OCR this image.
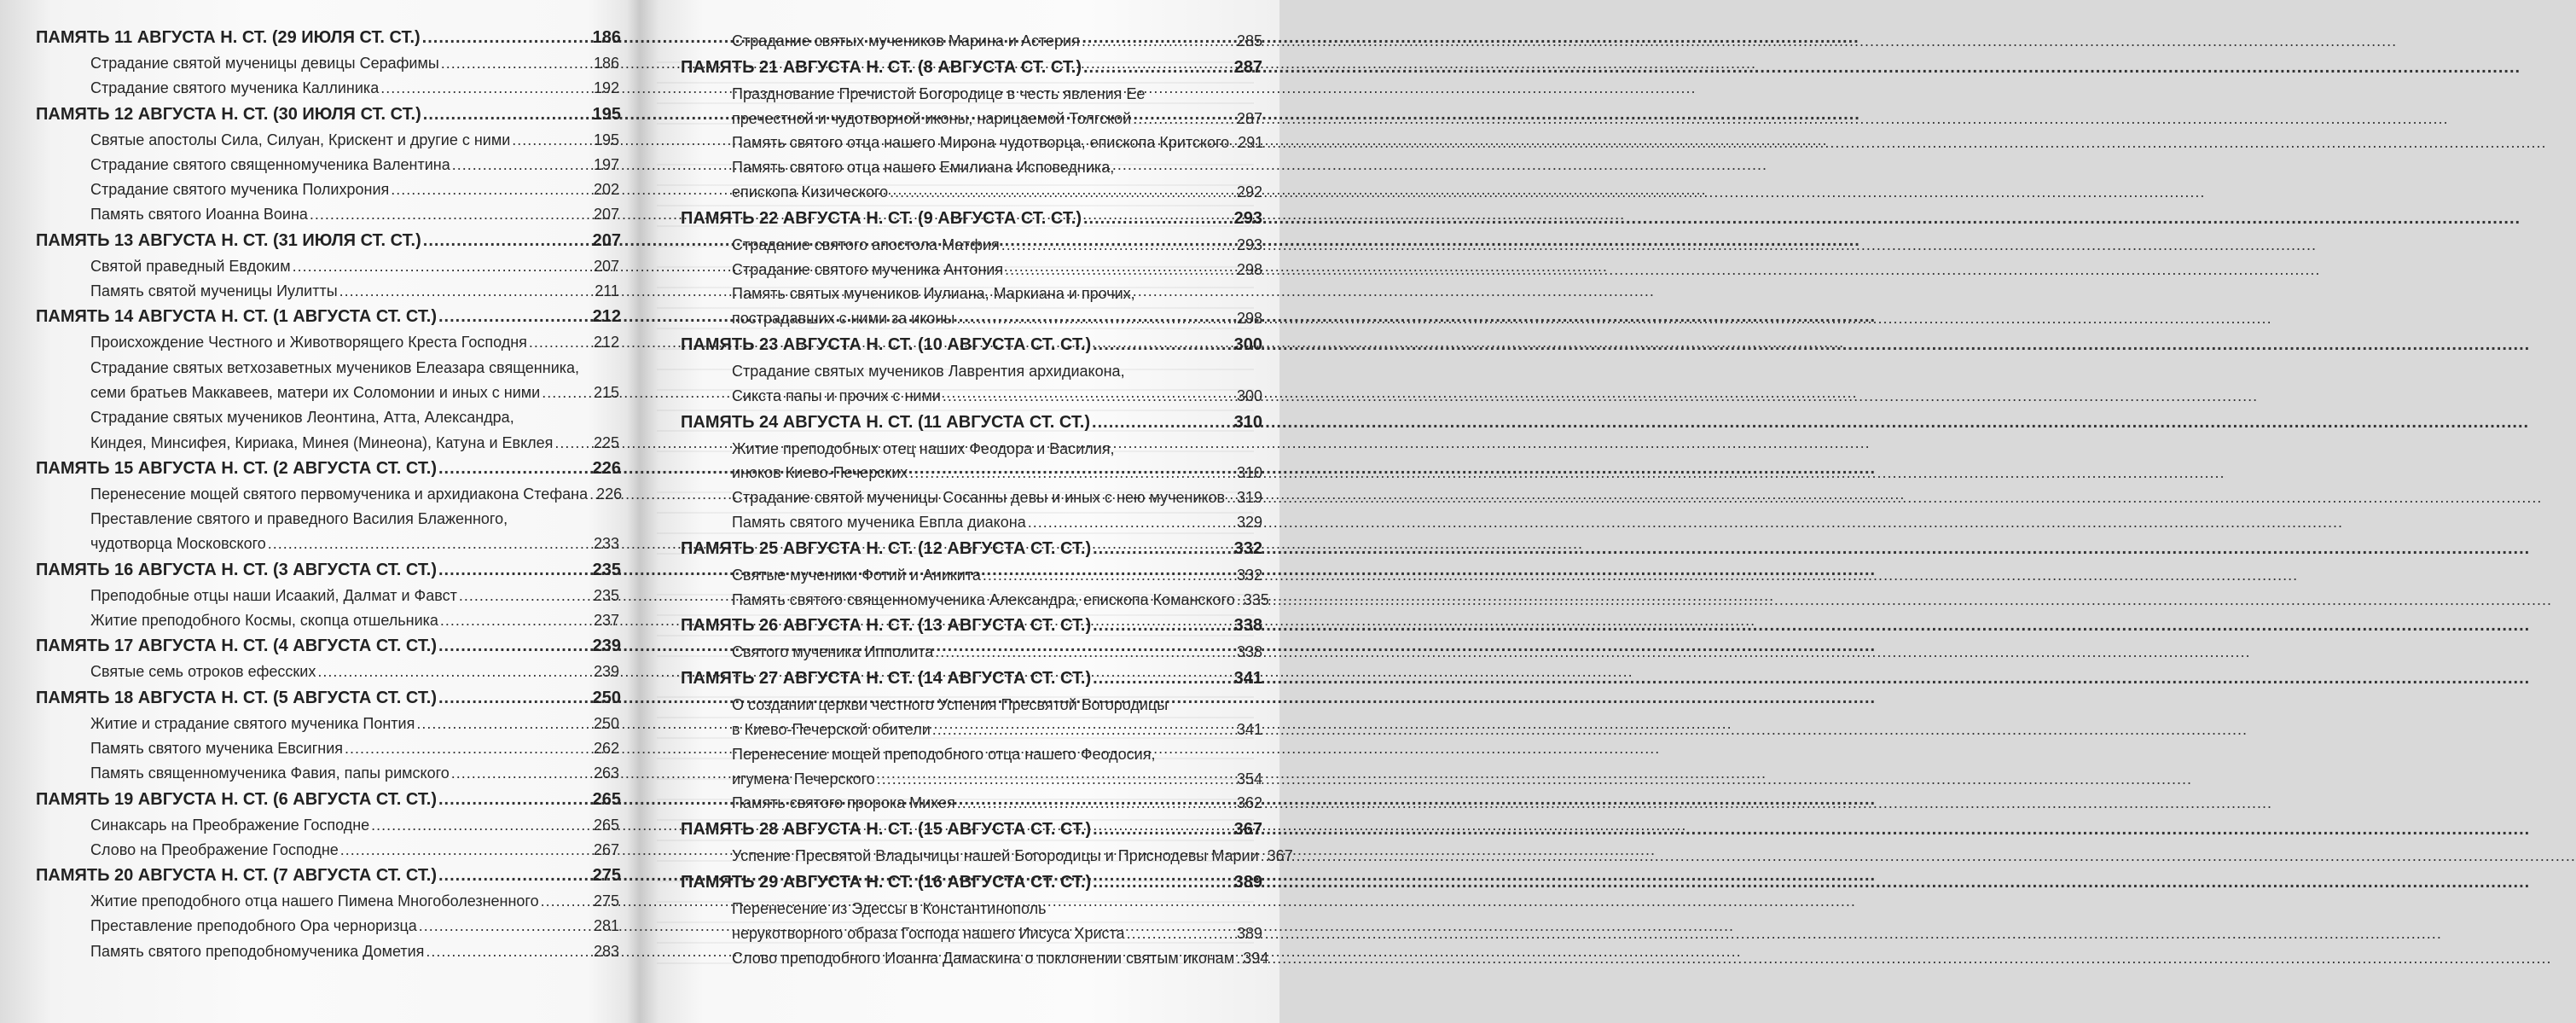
ПАМЯТЬ 11 АВГУСТА Н. СТ. (29 ИЮЛЯ СТ. СТ.) .....	186
Страдание святой мученицы девицы Серафимы .....	186
Страдание святого мученика Каллиника .....	192
ПАМЯТЬ 12 АВГУСТА Н. СТ. (30 ИЮЛЯ СТ. СТ.) .....	195
Святые апостолы Сила, Силуан, Крискент и другие с ними .....	195
Страдание святого священномученика Валентина .....	197
Страдание святого мученика Полихрония .....	202
Память святого Иоанна Воина .....	207
ПАМЯТЬ 13 АВГУСТА Н. СТ. (31 ИЮЛЯ СТ. СТ.) .....	207
Святой праведный Евдоким .....	207
Память святой мученицы Иулитты .....	211
ПАМЯТЬ 14 АВГУСТА Н. СТ. (1 АВГУСТА СТ. СТ.) .....	212
Происхождение Честного и Животворящего Креста Господня .....	212
Страдание святых ветхозаветных мучеников Елеазара священника,
семи братьев Маккавеев, матери их Соломонии и иных с ними .....	215
Страдание святых мучеников Леонтина, Атта, Александра,
Киндея, Минсифея, Кириака, Минея (Минеона), Катуна и Евклея .....	225
ПАМЯТЬ 15 АВГУСТА Н. СТ. (2 АВГУСТА СТ. СТ.) .....	226
Перенесение мощей святого первомученика и архидиакона Стефана ..... 226
Преставление святого и праведного Василия Блаженного,
чудотворца Московского .....	233
ПАМЯТЬ 16 АВГУСТА Н. СТ. (3 АВГУСТА СТ. СТ.) .....	235
Преподобные отцы наши Исаакий, Далмат и Фавст .....	235
Житие преподобного Космы, скопца отшельника .....	237
ПАМЯТЬ 17 АВГУСТА Н. СТ. (4 АВГУСТА СТ. СТ.) .....	239
Святые семь отроков ефесских .....	239
ПАМЯТЬ 18 АВГУСТА Н. СТ. (5 АВГУСТА СТ. СТ.) .....	250
Житие и страдание святого мученика Понтия .....	250
Память святого мученика Евсигния .....	262
Память священномученика Фавия, папы римского .....	263
ПАМЯТЬ 19 АВГУСТА Н. СТ. (6 АВГУСТА СТ. СТ.) .....	265
Синаксарь на Преображение Господне .....	265
Слово на Преображение Господне .....	267
ПАМЯТЬ 20 АВГУСТА Н. СТ. (7 АВГУСТА СТ. СТ.) .....	275
Житие преподобного отца нашего Пимена Многоболезненного .....	275
Преставление преподобного Ора черноризца .....	281
Память святого преподобномученика Дометия .....	283
Страдание святых мучеников Марина и Астерия .....	285
ПАМЯТЬ 21 АВГУСТА Н. СТ. (8 АВГУСТА СТ. СТ.) .....	287
Празднование Пречистой Богородице в честь явления Ее
пречестной и чудотворной иконы, нарицаемой Толгской .....	287
Память святого отца нашего Мирона чудотворца, епископа Критского ..... 291
Память святого отца нашего Емилиана Исповедника,
епископа Кизического .....	292
ПАМЯТЬ 22 АВГУСТА Н. СТ. (9 АВГУСТА СТ. СТ.) .....	293
Страдание святого апостола Матфия .....	293
Страдание святого мученика Антония .....	298
Память святых мучеников Иулиана, Маркиана и прочих,
пострадавших с ними за иконы .....	298
ПАМЯТЬ 23 АВГУСТА Н. СТ. (10 АВГУСТА СТ. СТ.) .....	300
Страдание святых мучеников Лаврентия архидиакона,
Сикста папы и прочих с ними .....	300
ПАМЯТЬ 24 АВГУСТА Н. СТ. (11 АВГУСТА СТ. СТ.) .....	310
Житие преподобных отец наших Феодора и Василия,
иноков Киево-Печерских .....	310
Страдание святой мученицы Сосанны девы и иных с нею мучеников ..... 319
Память святого мученика Евпла диакона .....	329
ПАМЯТЬ 25 АВГУСТА Н. СТ. (12 АВГУСТА СТ. СТ.) .....	332
Святые мученики Фотий и Аникита .....	332
Память святого священномученика Александра, епископа Команского ..... 335
ПАМЯТЬ 26 АВГУСТА Н. СТ. (13 АВГУСТА СТ. СТ.) .....	338
Святого мученика Ипполита .....	338
ПАМЯТЬ 27 АВГУСТА Н. СТ. (14 АВГУСТА СТ. СТ.) .....	341
О создании церкви честного Успения Пресвятой Богородицы
в Киево-Печерской обители .....	341
Перенесение мощей преподобного отца нашего Феодосия,
игумена Печерского .....	354
Память святого пророка Михея .....	362
ПАМЯТЬ 28 АВГУСТА Н. СТ. (15 АВГУСТА СТ. СТ.) .....	367
Успение Пресвятой Владычицы нашей Богородицы и Приснодевы Марии ..... 367
ПАМЯТЬ 29 АВГУСТА Н. СТ. (16 АВГУСТА СТ. СТ.) .....	389
Перенесение из Эдессы в Константинополь
нерукотворного образа Господа нашего Иисуса Христа .....	389
Слово преподобного Иоанна Дамаскина о поклонении святым иконам ..... 394
